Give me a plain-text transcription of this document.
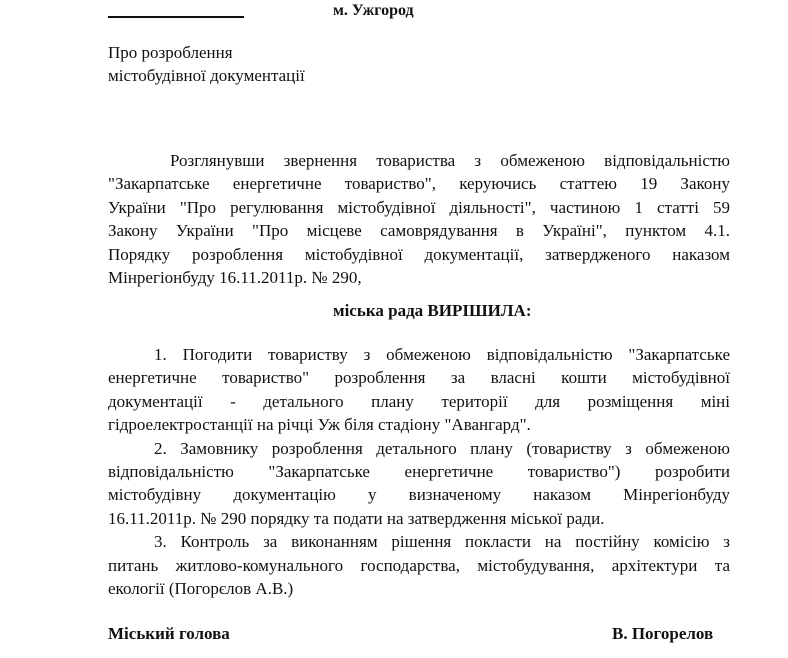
м. Ужгород
Про розроблення
містобудівної документації
Розглянувши звернення товариства з обмеженою відповідальністю
"Закарпатське енергетичне товариство", керуючись статтею 19 Закону
України "Про регулювання містобудівної діяльності", частиною 1 статті 59
Закону України "Про місцеве самоврядування в Україні", пунктом 4.1.
Порядку розроблення містобудівної документації, затвердженого наказом
Мінрегіонбуду 16.11.2011р. № 290,
міська рада ВИРІШИЛА:
1. Погодити товариству з обмеженою відповідальністю "Закарпатське
енергетичне товариство" розроблення за власні кошти містобудівної
документації - детального плану території для розміщення міні
гідроелектростанції на річці Уж біля стадіону "Авангард".
2. Замовнику розроблення детального плану (товариству з обмеженою
відповідальністю "Закарпатське енергетичне товариство") розробити
містобудівну документацію у визначеному наказом Мінрегіонбуду
16.11.2011р. № 290 порядку та подати на затвердження міської ради.
3. Контроль за виконанням рішення покласти на постійну комісію з
питань житлово-комунального господарства, містобудування, архітектури та
екології (Погорєлов А.В.)
Міський голова	В. Погорелов
